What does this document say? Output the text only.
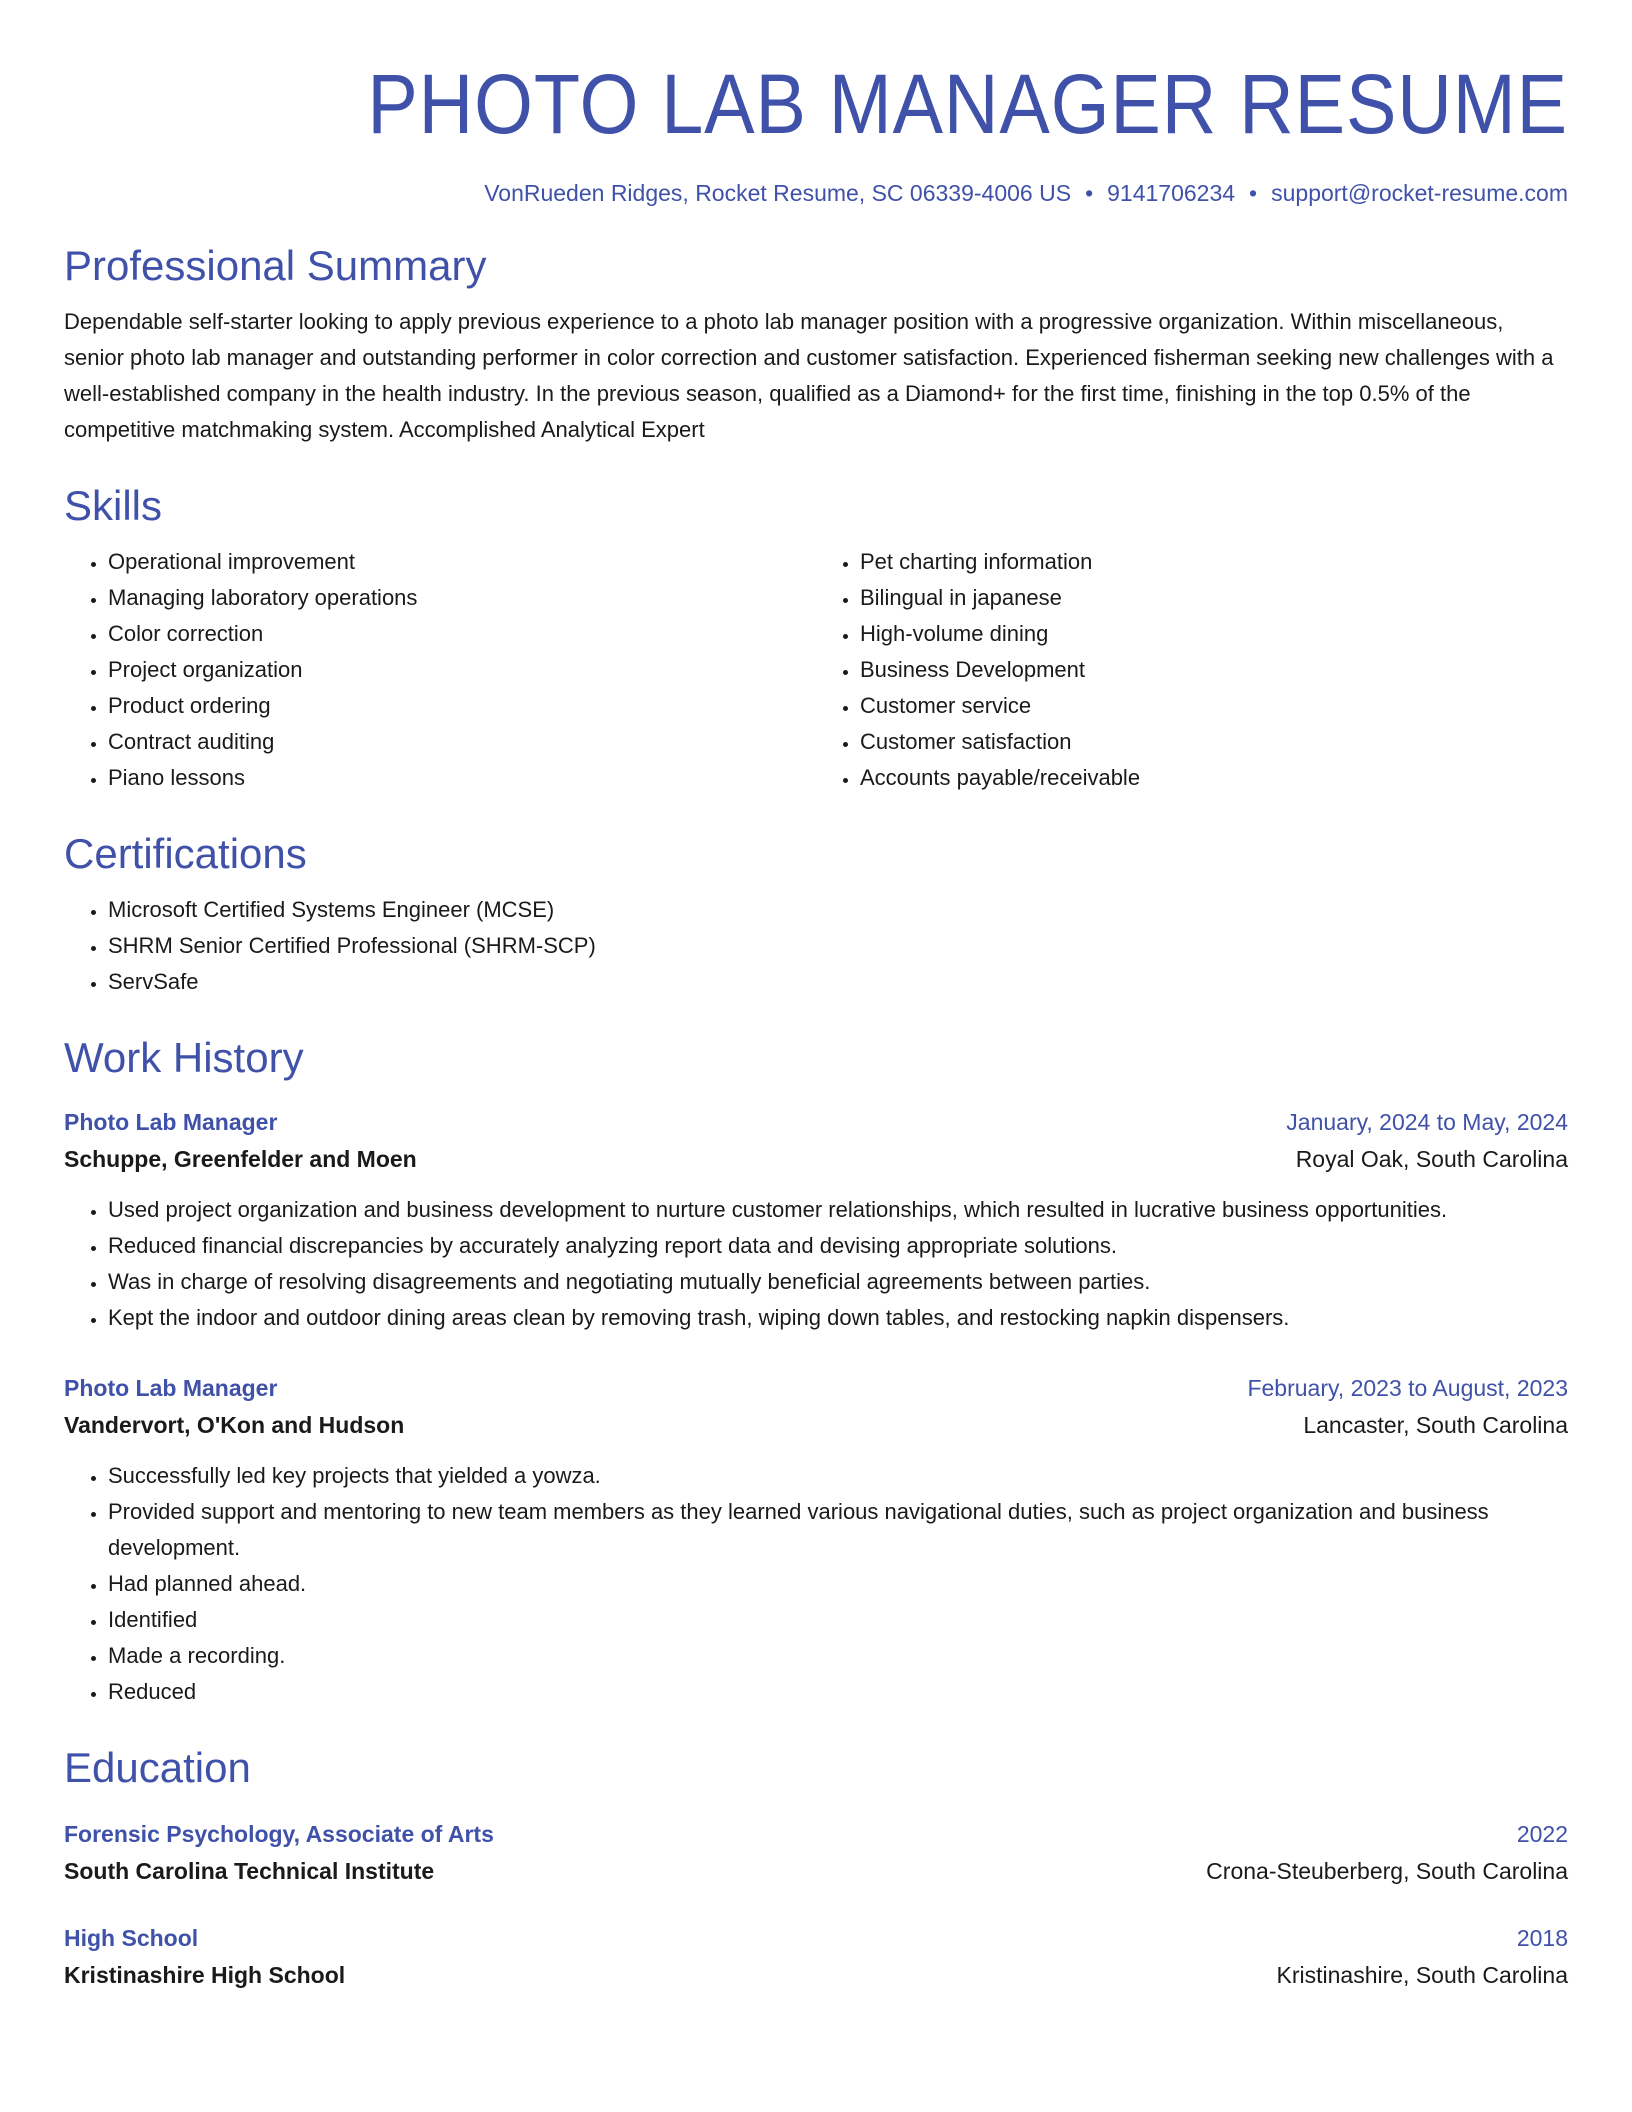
PHOTO LAB MANAGER RESUME
VonRueden Ridges, Rocket Resume, SC 06339-4006 US • 9141706234 • support@rocket-resume.com
Professional Summary

Dependable self-starter looking to apply previous experience to a photo lab manager position with a progressive organization. Within miscellaneous, senior photo lab manager and outstanding performer in color correction and customer satisfaction. Experienced fisherman seeking new challenges with a well-established company in the health industry. In the previous season, qualified as a Diamond+ for the first time, finishing in the top 0.5% of the competitive matchmaking system. Accomplished Analytical Expert

Skills
• Operational improvement
• Managing laboratory operations
• Color correction
• Project organization
• Product ordering
• Contract auditing
• Piano lessons
• Pet charting information
• Bilingual in japanese
• High-volume dining
• Business Development
• Customer service
• Customer satisfaction
• Accounts payable/receivable
Certifications
• Microsoft Certified Systems Engineer (MCSE)
• SHRM Senior Certified Professional (SHRM-SCP)
• ServSafe
Work History
Photo Lab Manager	January, 2024 to May, 2024
Schuppe, Greenfelder and Moen	Royal Oak, South Carolina
• Used project organization and business development to nurture customer relationships, which resulted in lucrative business opportunities.
• Reduced financial discrepancies by accurately analyzing report data and devising appropriate solutions.
• Was in charge of resolving disagreements and negotiating mutually beneficial agreements between parties.
• Kept the indoor and outdoor dining areas clean by removing trash, wiping down tables, and restocking napkin dispensers.
Photo Lab Manager	February, 2023 to August, 2023
Vandervort, O'Kon and Hudson	Lancaster, South Carolina
• Successfully led key projects that yielded a yowza.
• Provided support and mentoring to new team members as they learned various navigational duties, such as project organization and business development.
• Had planned ahead.
• Identified
• Made a recording.
• Reduced
Education
Forensic Psychology, Associate of Arts	2022
South Carolina Technical Institute	Crona-Steuberberg, South Carolina
High School	2018
Kristinashire High School	Kristinashire, South Carolina
